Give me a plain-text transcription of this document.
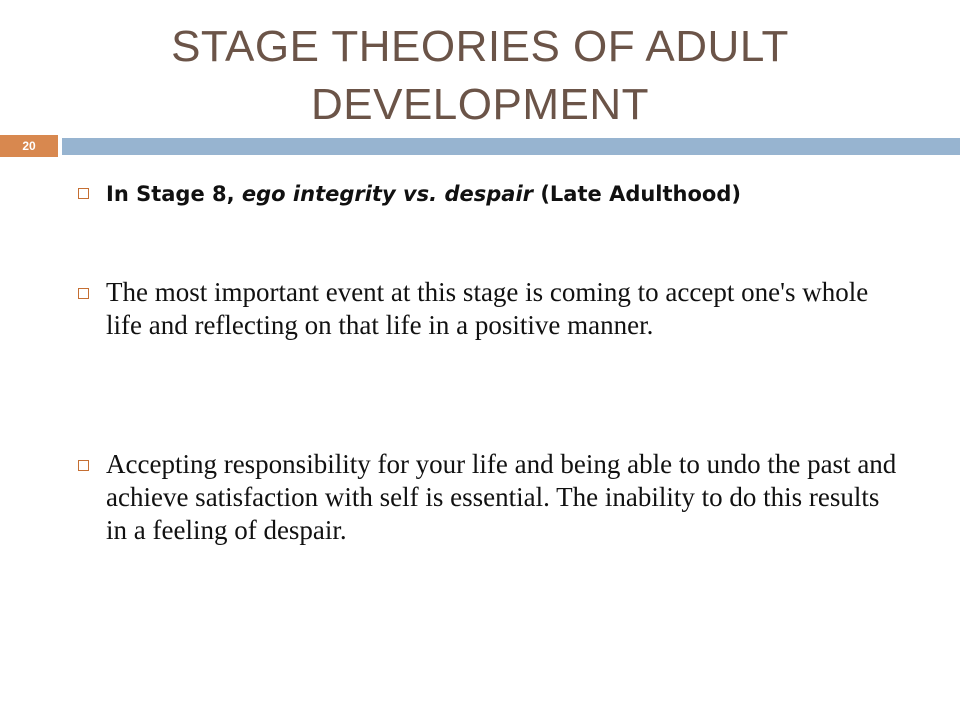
STAGE THEORIES OF ADULT
DEVELOPMENT
20
In Stage 8, ego integrity vs. despair (Late Adulthood)
The most important event at this stage is coming to accept one's whole life and reflecting on that life in a positive manner.
Accepting responsibility for your life and being able to undo the past and achieve satisfaction with self is essential. The inability to do this results in a feeling of despair.
